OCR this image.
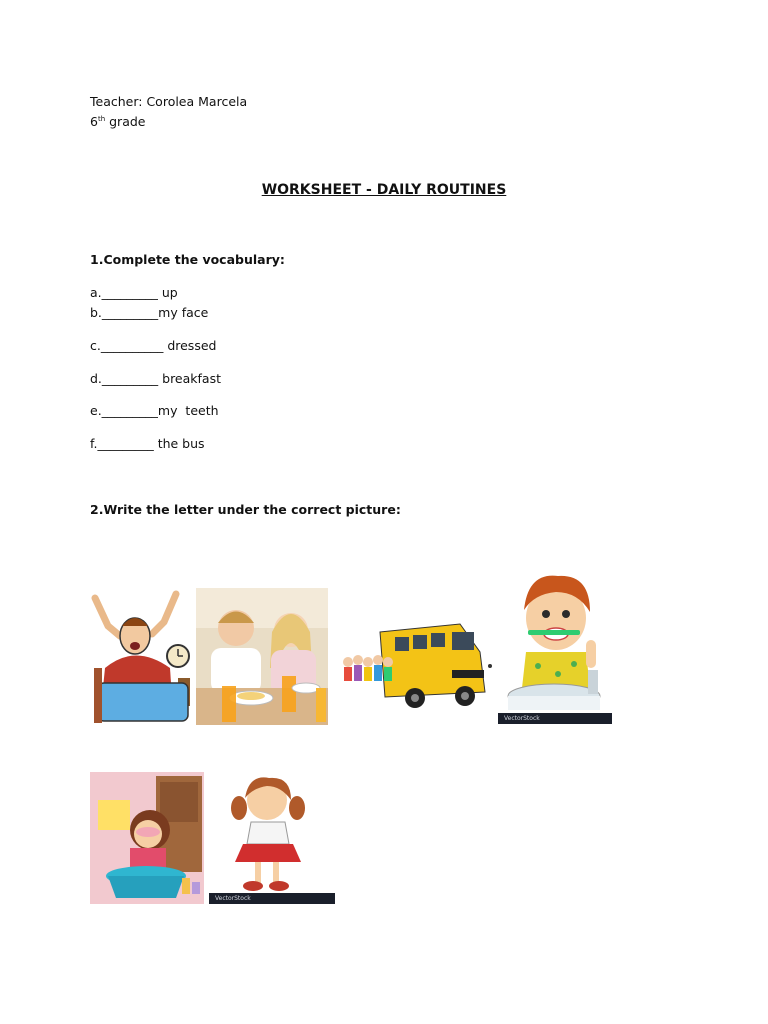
Teacher: Corolea Marcela
6th grade
WORKSHEET - DAILY ROUTINES
1.Complete the vocabulary:
a._________ up
b._________my face
c.__________ dressed
d._________ breakfast
e._________my  teeth
f._________ the bus
2.Write the letter under the correct picture:
VectorStock
VectorStock
